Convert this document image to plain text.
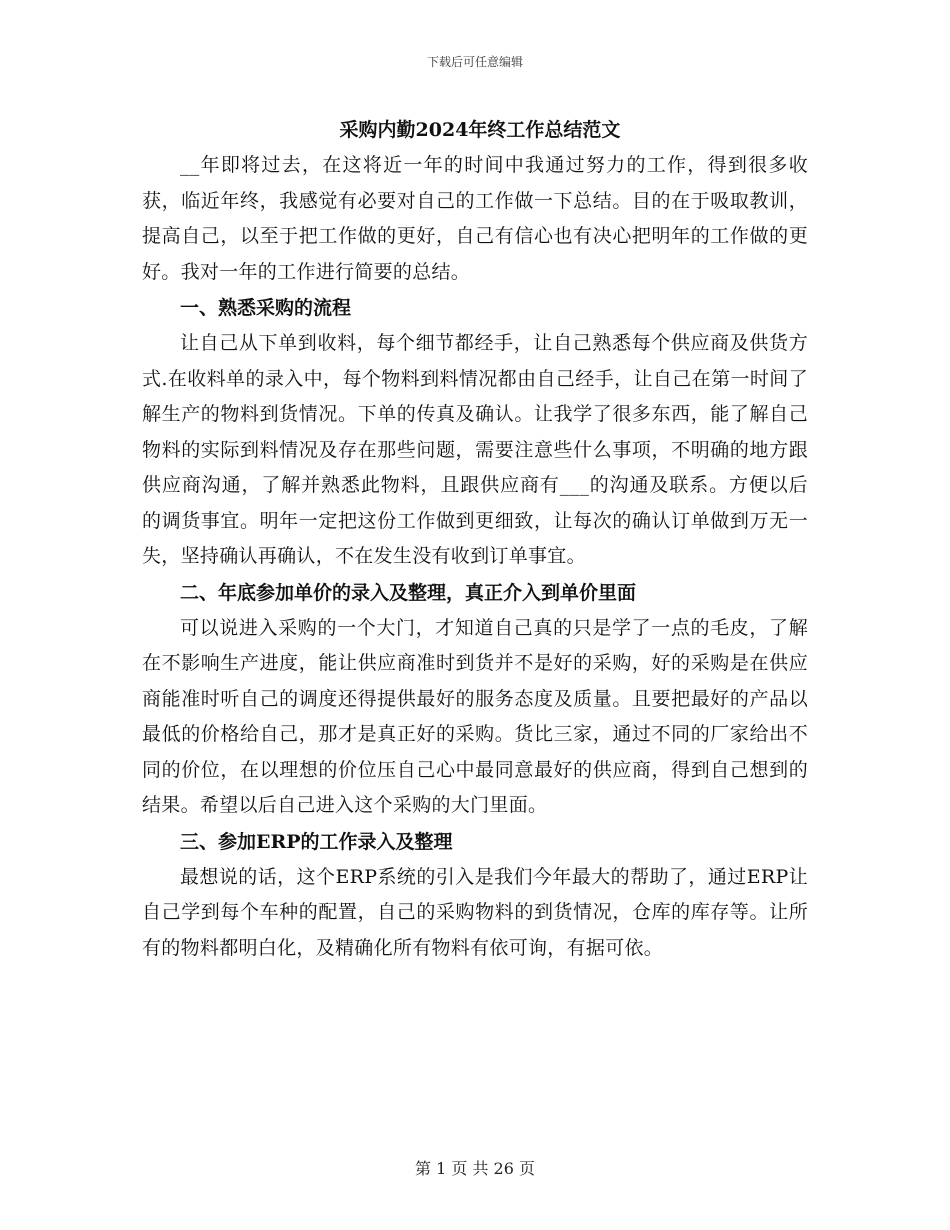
下载后可任意编辑
采购内勤2024年终工作总结范文

__年即将过去，在这将近一年的时间中我通过努力的工作，得到很多收获，临近年终，我感觉有必要对自己的工作做一下总结。目的在于吸取教训，提高自己，以至于把工作做的更好，自己有信心也有决心把明年的工作做的更好。我对一年的工作进行简要的总结。

一、熟悉采购的流程

让自己从下单到收料，每个细节都经手，让自己熟悉每个供应商及供货方式.在收料单的录入中，每个物料到料情况都由自己经手，让自己在第一时间了解生产的物料到货情况。下单的传真及确认。让我学了很多东西，能了解自己物料的实际到料情况及存在那些问题，需要注意些什么事项，不明确的地方跟供应商沟通，了解并熟悉此物料，且跟供应商有___的沟通及联系。方便以后的调货事宜。明年一定把这份工作做到更细致，让每次的确认订单做到万无一失，坚持确认再确认，不在发生没有收到订单事宜。

二、年底参加单价的录入及整理，真正介入到单价里面

可以说进入采购的一个大门，才知道自己真的只是学了一点的毛皮，了解在不影响生产进度，能让供应商准时到货并不是好的采购，好的采购是在供应商能准时听自己的调度还得提供最好的服务态度及质量。且要把最好的产品以最低的价格给自己，那才是真正好的采购。货比三家，通过不同的厂家给出不同的价位，在以理想的价位压自己心中最同意最好的供应商，得到自己想到的结果。希望以后自己进入这个采购的大门里面。

三、参加ERP的工作录入及整理

最想说的话，这个ERP系统的引入是我们今年最大的帮助了，通过ERP让自己学到每个车种的配置，自己的采购物料的到货情况，仓库的库存等。让所有的物料都明白化，及精确化所有物料有依可询，有据可依。

第 1 页 共 26 页
